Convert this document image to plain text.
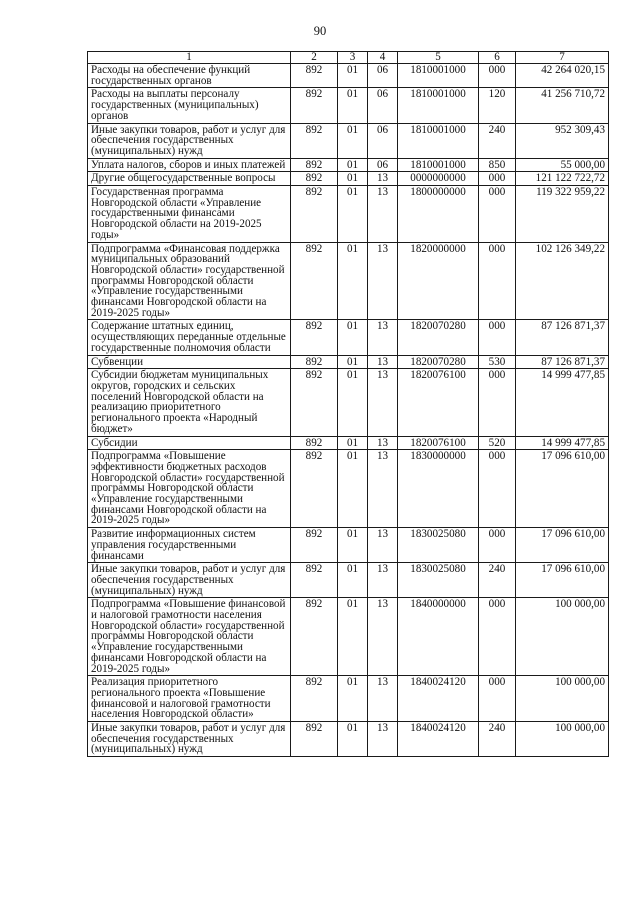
90
1	2	3	4	5	6	7
Расходы на обеспечение функций государственных органов	892	01	06	1810001000	000	42 264 020,15
Расходы на выплаты персоналу государственных (муниципальных) органов	892	01	06	1810001000	120	41 256 710,72
Иные закупки товаров, работ и услуг для обеспечения государственных (муниципальных) нужд	892	01	06	1810001000	240	952 309,43
Уплата налогов, сборов и иных платежей	892	01	06	1810001000	850	55 000,00
Другие общегосударственные вопросы	892	01	13	0000000000	000	121 122 722,72
Государственная программа Новгородской области «Управление государственными финансами Новгородской области на 2019-2025 годы»	892	01	13	1800000000	000	119 322 959,22
Подпрограмма «Финансовая поддержка муниципальных образований Новгородской области» государственной программы Новгородской области «Управление государственными финансами Новгородской области на 2019-2025 годы»	892	01	13	1820000000	000	102 126 349,22
Содержание штатных единиц, осуществляющих переданные отдельные государственные полномочия области	892	01	13	1820070280	000	87 126 871,37
Субвенции	892	01	13	1820070280	530	87 126 871,37
Субсидии бюджетам муниципальных округов, городских и сельских поселений Новгородской области на реализацию приоритетного регионального проекта «Народный бюджет»	892	01	13	1820076100	000	14 999 477,85
Субсидии	892	01	13	1820076100	520	14 999 477,85
Подпрограмма «Повышение эффективности бюджетных расходов Новгородской области» государственной программы Новгородской области «Управление государственными финансами Новгородской области на 2019-2025 годы»	892	01	13	1830000000	000	17 096 610,00
Развитие информационных систем управления государственными финансами	892	01	13	1830025080	000	17 096 610,00
Иные закупки товаров, работ и услуг для обеспечения государственных (муниципальных) нужд	892	01	13	1830025080	240	17 096 610,00
Подпрограмма «Повышение финансовой и налоговой грамотности населения Новгородской области» государственной программы Новгородской области «Управление государственными финансами Новгородской области на 2019-2025 годы»	892	01	13	1840000000	000	100 000,00
Реализация приоритетного регионального проекта «Повышение финансовой и налоговой грамотности населения Новгородской области»	892	01	13	1840024120	000	100 000,00
Иные закупки товаров, работ и услуг для обеспечения государственных (муниципальных) нужд	892	01	13	1840024120	240	100 000,00
